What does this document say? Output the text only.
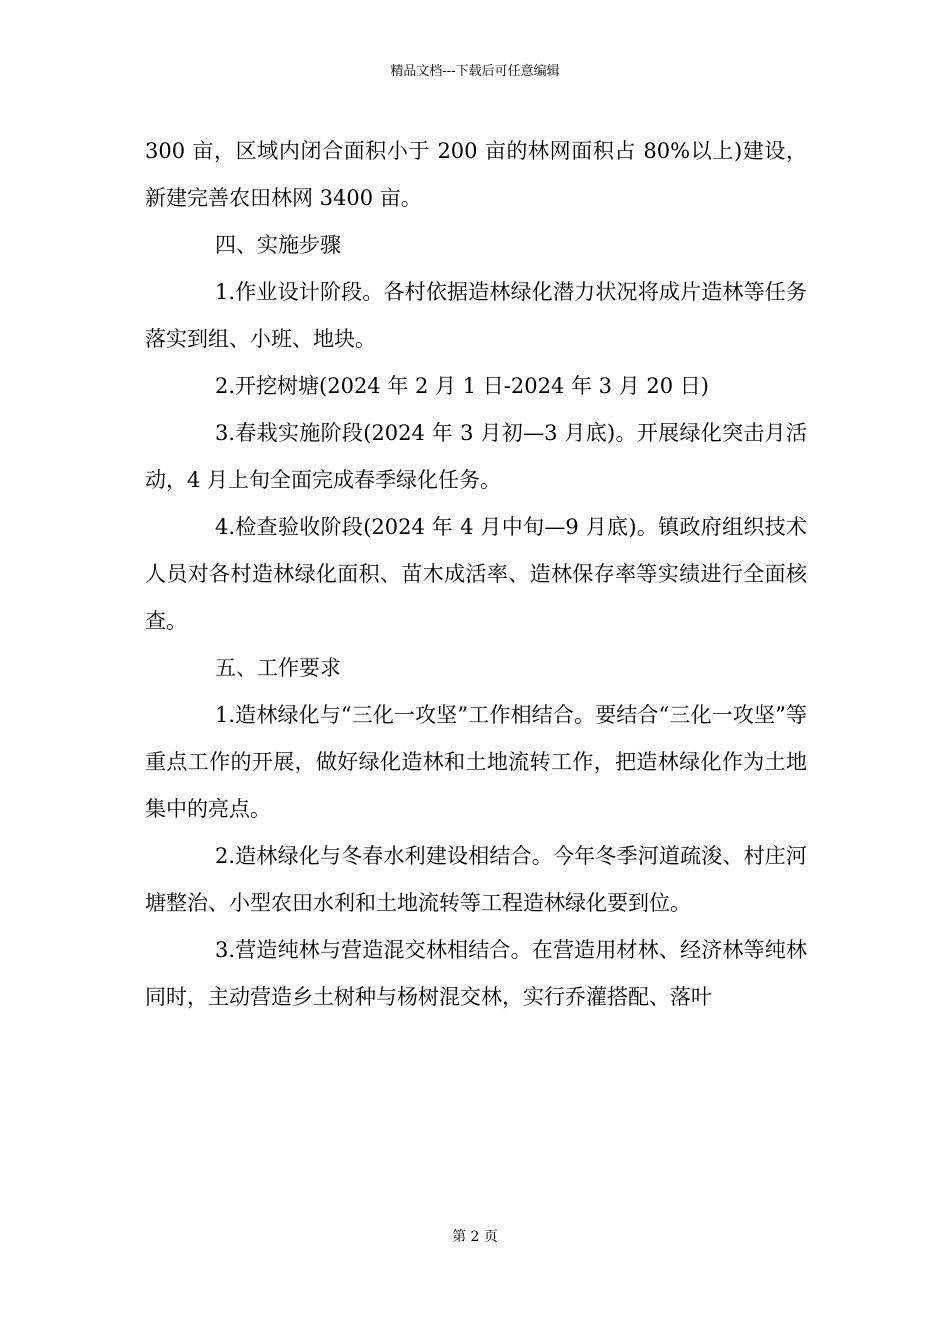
精品文档---下载后可任意编辑

300 亩，区域内闭合面积小于 200 亩的林网面积占 80%以上)建设，新建完善农田林网 3400 亩。

四、实施步骤

1.作业设计阶段。各村依据造林绿化潜力状况将成片造林等任务落实到组、小班、地块。

2.开挖树塘(2024 年 2 月 1 日-2024 年 3 月 20 日)

3.春栽实施阶段(2024 年 3 月初—3 月底)。开展绿化突击月活动，4 月上旬全面完成春季绿化任务。

4.检查验收阶段(2024 年 4 月中旬—9 月底)。镇政府组织技术人员对各村造林绿化面积、苗木成活率、造林保存率等实绩进行全面核查。

五、工作要求

1.造林绿化与“三化一攻坚”工作相结合。要结合“三化一攻坚”等重点工作的开展，做好绿化造林和土地流转工作，把造林绿化作为土地集中的亮点。

2.造林绿化与冬春水利建设相结合。今年冬季河道疏浚、村庄河塘整治、小型农田水利和土地流转等工程造林绿化要到位。

3.营造纯林与营造混交林相结合。在营造用材林、经济林等纯林同时，主动营造乡土树种与杨树混交林，实行乔灌搭配、落叶

第 2 页
